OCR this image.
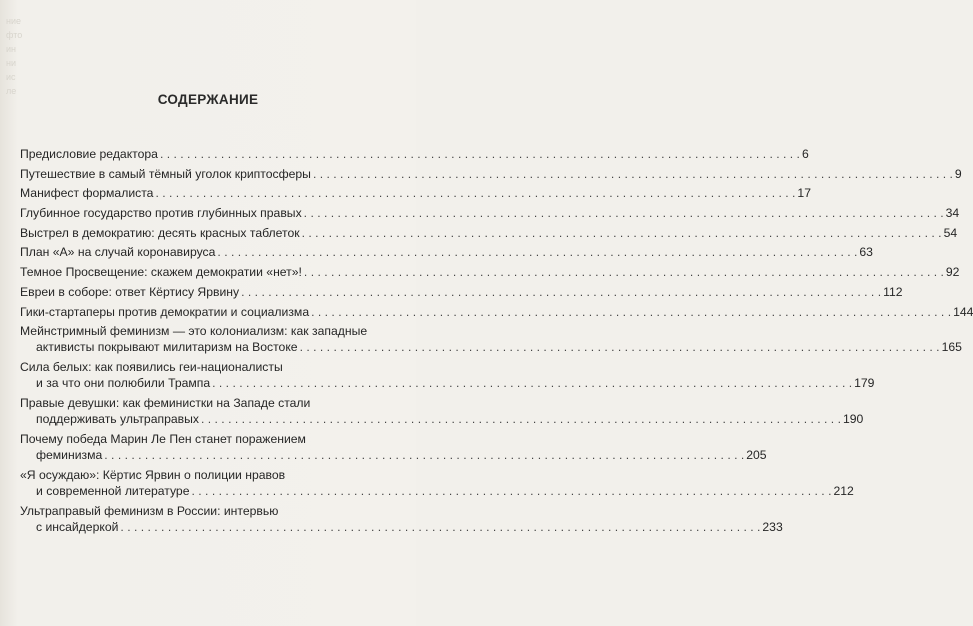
ние
фто
ин
ни
ис
ле
СОДЕРЖАНИЕ
Предисловие редактора . . .	6
Путешествие в самый тёмный уголок криптосферы . . .	9
Манифест формалиста . . .	17
Глубинное государство против глубинных правых . . .	34
Выстрел в демократию: десять красных таблеток . . .	54
План «А» на случай коронавируса . . .	63
Темное Просвещение: скажем демократии «нет»! . . .	92
Евреи в соборе: ответ Кёртису Ярвину . . .	112
Гики-стартаперы против демократии и социализма . . .	144
Мейнстримный феминизм — это колониализм: как западные
активисты покрывают милитаризм на Востоке . . .	165
Сила белых: как появились геи-националисты
и за что они полюбили Трампа . . .	179
Правые девушки: как феминистки на Западе стали
поддерживать ультраправых . . .	190
Почему победа Марин Ле Пен станет поражением
феминизма . . .	205
«Я осуждаю»: Кёртис Ярвин о полиции нравов
и современной литературе . . .	212
Ультраправый феминизм в России: интервью
с инсайдеркой . . .	233
